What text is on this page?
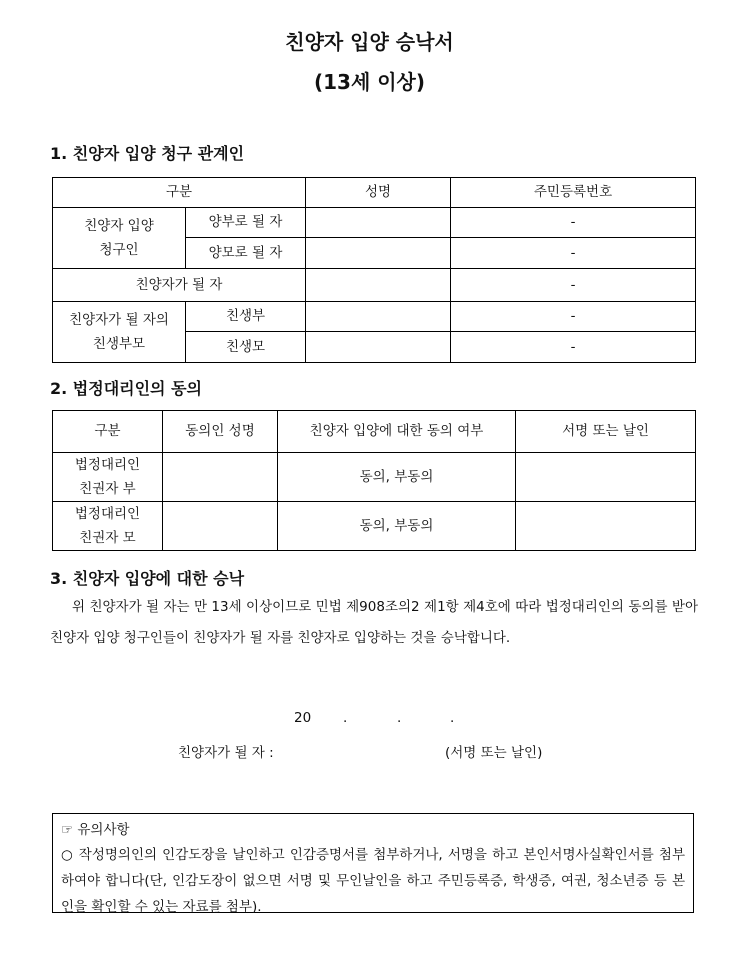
친양자 입양 승낙서
(13세 이상)
1. 친양자 입양 청구 관계인
구분		성명	주민등록번호

친양자 입양
청구인	양부로 될 자		-
	양모로 될 자		-
친양자가 될 자			-

친양자가 될 자의
친생부모	친생부		-
	친생모		-
2. 법정대리인의 동의
구분	동의인 성명	친양자 입양에 대한 동의 여부	서명 또는 날인

법정대리인
친권자 부		동의, 부동의	

법정대리인
친권자 모		동의, 부동의	
3. 친양자 입양에 대한 승낙
위 친양자가 될 자는 만 13세 이상이므로 민법 제908조의2 제1항 제4호에 따라 법정대리인의 동의를 받아 친양자 입양 청구인들이 친양자가 될 자를 친양자로 입양하는 것을 승낙합니다.
20 .	.	.
친양자가 될 자 :	(서명 또는 날인)
☞ 유의사항
○ 작성명의인의 인감도장을 날인하고 인감증명서를 첨부하거나, 서명을 하고 본인서명사실확인서를 첨부하여야 합니다(단, 인감도장이 없으면 서명 및 무인날인을 하고 주민등록증, 학생증, 여권, 청소년증 등 본인을 확인할 수 있는 자료를 첨부).
